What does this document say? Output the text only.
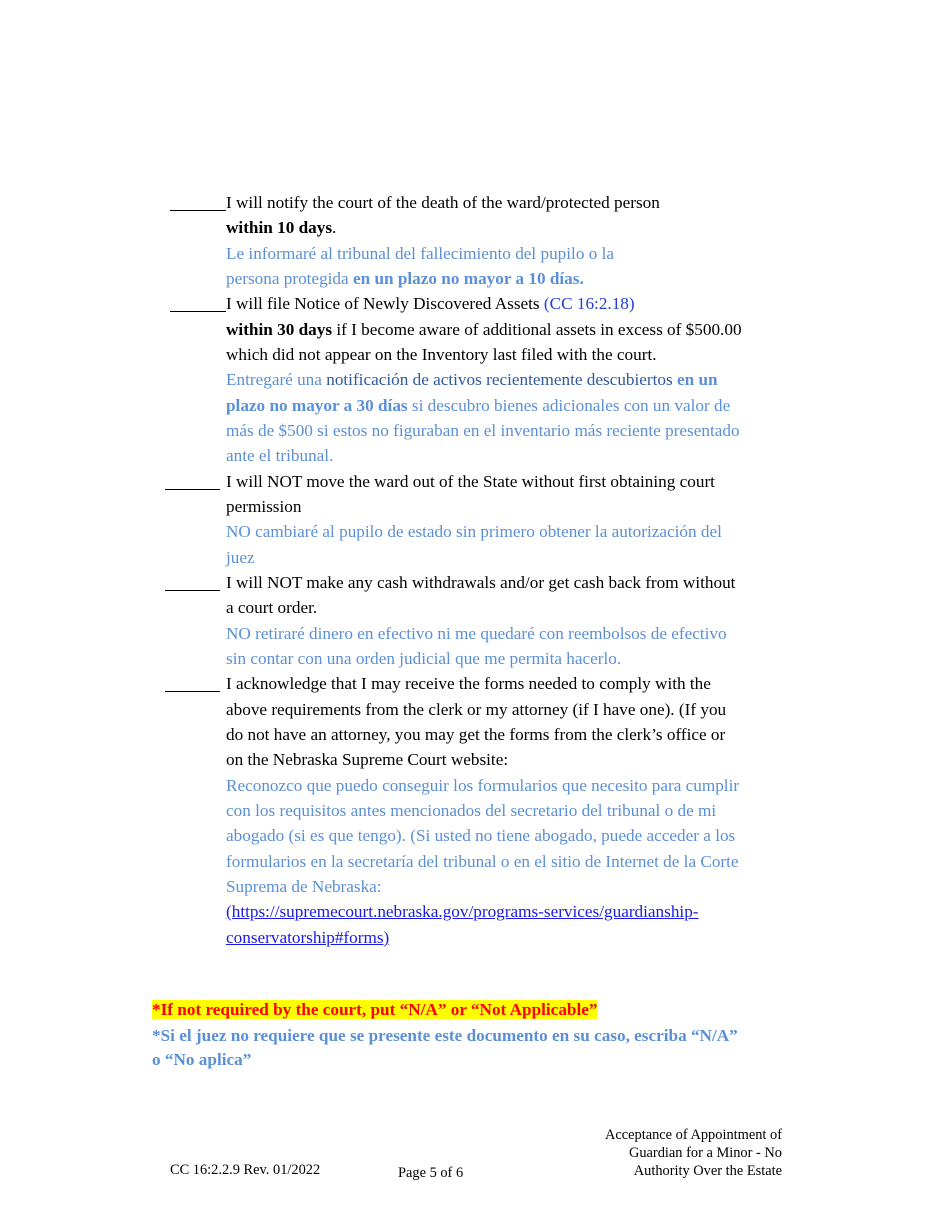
I will notify the court of the death of the ward/protected person
within 10 days.
Le informaré al tribunal del fallecimiento del pupilo o la
persona protegida en un plazo no mayor a 10 días.
I will file Notice of Newly Discovered Assets (CC 16:2.18)
within 30 days if I become aware of additional assets in excess of $500.00
which did not appear on the Inventory last filed with the court.
Entregaré una notificación de activos recientemente descubiertos en un
plazo no mayor a 30 días si descubro bienes adicionales con un valor de
más de $500 si estos no figuraban en el inventario más reciente presentado
ante el tribunal.
I will NOT move the ward out of the State without first obtaining court
permission
NO cambiaré al pupilo de estado sin primero obtener la autorización del
juez
I will NOT make any cash withdrawals and/or get cash back from without
a court order.
NO retiraré dinero en efectivo ni me quedaré con reembolsos de efectivo
sin contar con una orden judicial que me permita hacerlo.
I acknowledge that I may receive the forms needed to comply with the
above requirements from the clerk or my attorney (if I have one). (If you
do not have an attorney, you may get the forms from the clerk’s office or
on the Nebraska Supreme Court website:
Reconozco que puedo conseguir los formularios que necesito para cumplir
con los requisitos antes mencionados del secretario del tribunal o de mi
abogado (si es que tengo). (Si usted no tiene abogado, puede acceder a los
formularios en la secretaría del tribunal o en el sitio de Internet de la Corte
Suprema de Nebraska:
(https://supremecourt.nebraska.gov/programs-services/guardianship-
conservatorship#forms)
*If not required by the court, put “N/A” or “Not Applicable”
*Si el juez no requiere que se presente este documento en su caso, escriba “N/A”
o “No aplica”
CC 16:2.2.9 Rev. 01/2022	Page 5 of 6
Acceptance of Appointment of
Guardian for a Minor - No
Authority Over the Estate
